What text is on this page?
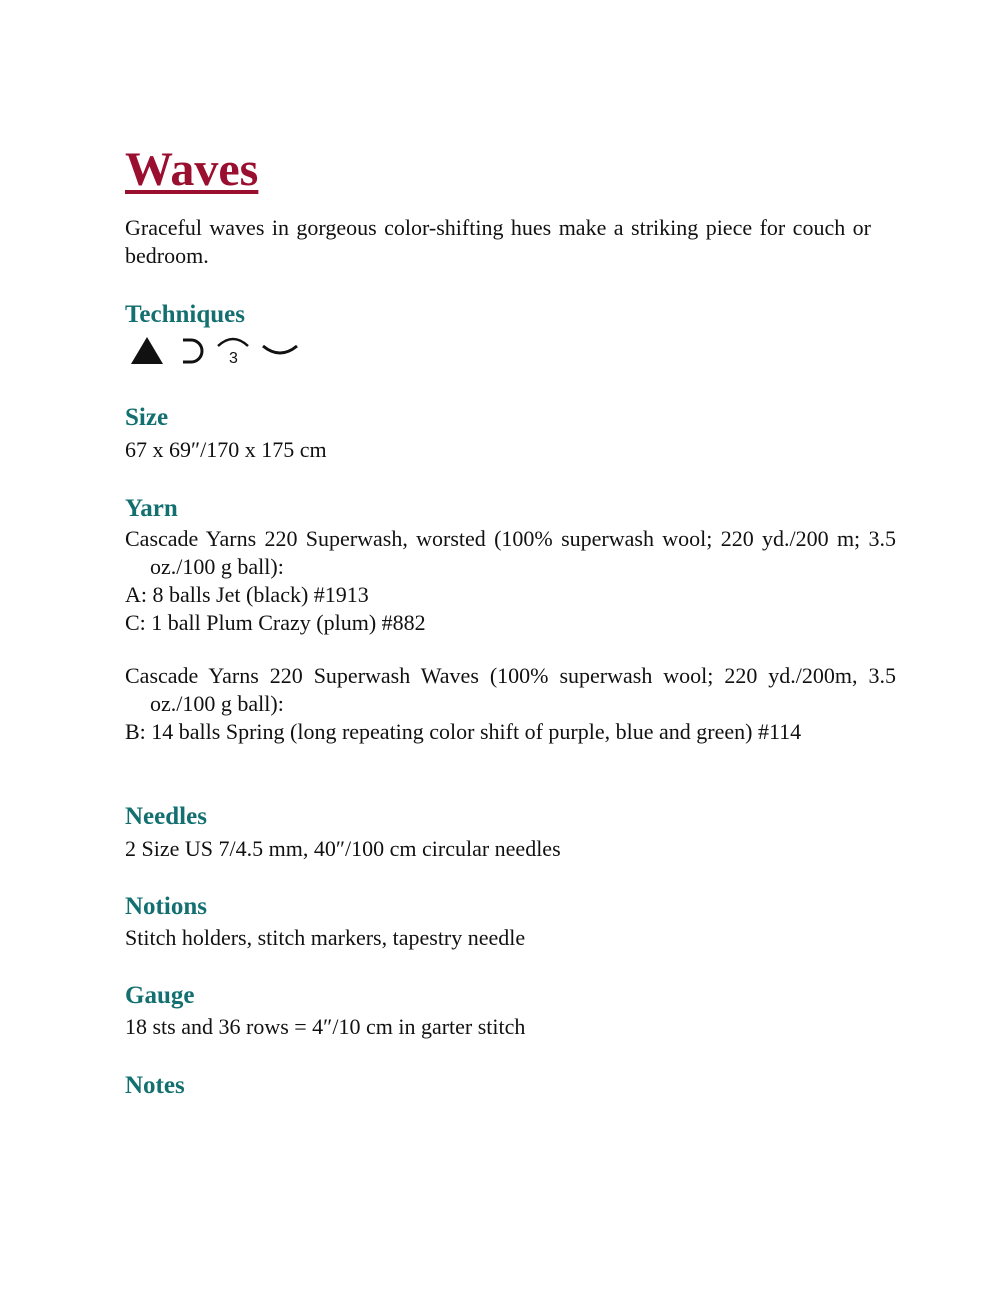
Waves

Graceful waves in gorgeous color-shifting hues make a striking piece for couch or bedroom.

Techniques
3
Size

67 x 69″/170 x 175 cm

Yarn

Cascade Yarns 220 Superwash, worsted (100% superwash wool; 220 yd./200 m; 3.5 oz./100 g ball):

A: 8 balls Jet (black) #1913

C: 1 ball Plum Crazy (plum) #882

Cascade Yarns 220 Superwash Waves (100% superwash wool; 220 yd./200m, 3.5 oz./100 g ball):

B: 14 balls Spring (long repeating color shift of purple, blue and green) #114

Needles

2 Size US 7/4.5 mm, 40″/100 cm circular needles

Notions

Stitch holders, stitch markers, tapestry needle

Gauge

18 sts and 36 rows = 4″/10 cm in garter stitch

Notes
